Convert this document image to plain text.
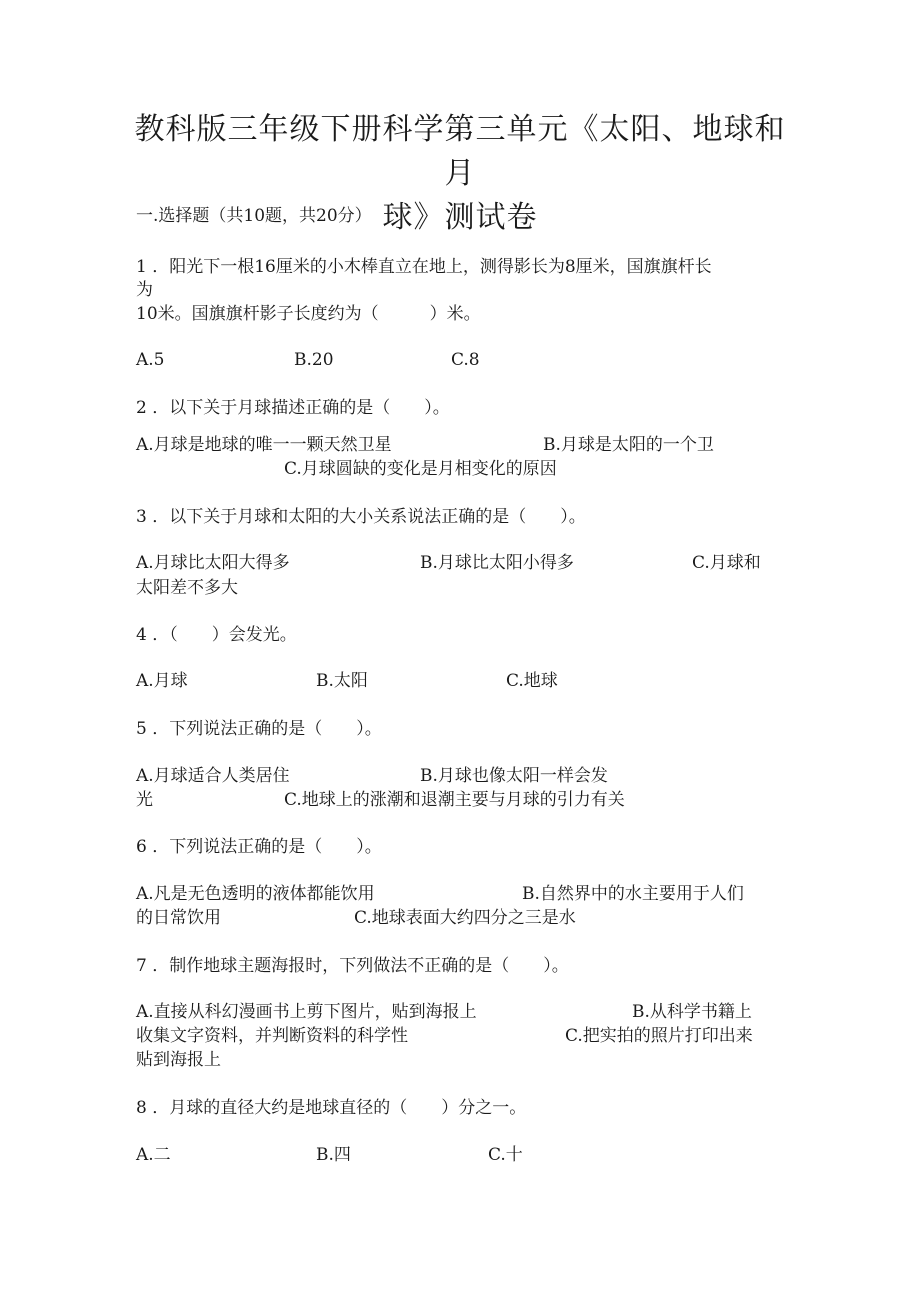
教科版三年级下册科学第三单元《太阳、地球和月
球》测试卷
一.选择题（共10题，共20分）
1 ．阳光下一根16厘米的小木棒直立在地上，测得影长为8厘米，国旗旗杆长
为
10米。国旗旗杆影子长度约为（　　　）米。
A.5	B.20	C.8
2 ．以下关于月球描述正确的是（　　）。
A.月球是地球的唯一一颗天然卫星	B.月球是太阳的一个卫
C.月球圆缺的变化是月相变化的原因
3 ．以下关于月球和太阳的大小关系说法正确的是（　　）。
A.月球比太阳大得多	B.月球比太阳小得多	C.月球和
太阳差不多大
4 ．（　　）会发光。
A.月球	B.太阳	C.地球
5 ．下列说法正确的是（　　）。
A.月球适合人类居住	B.月球也像太阳一样会发
光	C.地球上的涨潮和退潮主要与月球的引力有关
6 ．下列说法正确的是（　　）。
A.凡是无色透明的液体都能饮用	B.自然界中的水主要用于人们
的日常饮用	C.地球表面大约四分之三是水
7 ．制作地球主题海报时，下列做法不正确的是（　　）。
A.直接从科幻漫画书上剪下图片，贴到海报上	B.从科学书籍上
收集文字资料，并判断资料的科学性	C.把实拍的照片打印出来
贴到海报上
8 ．月球的直径大约是地球直径的（　　）分之一。
A.二	B.四	C.十
